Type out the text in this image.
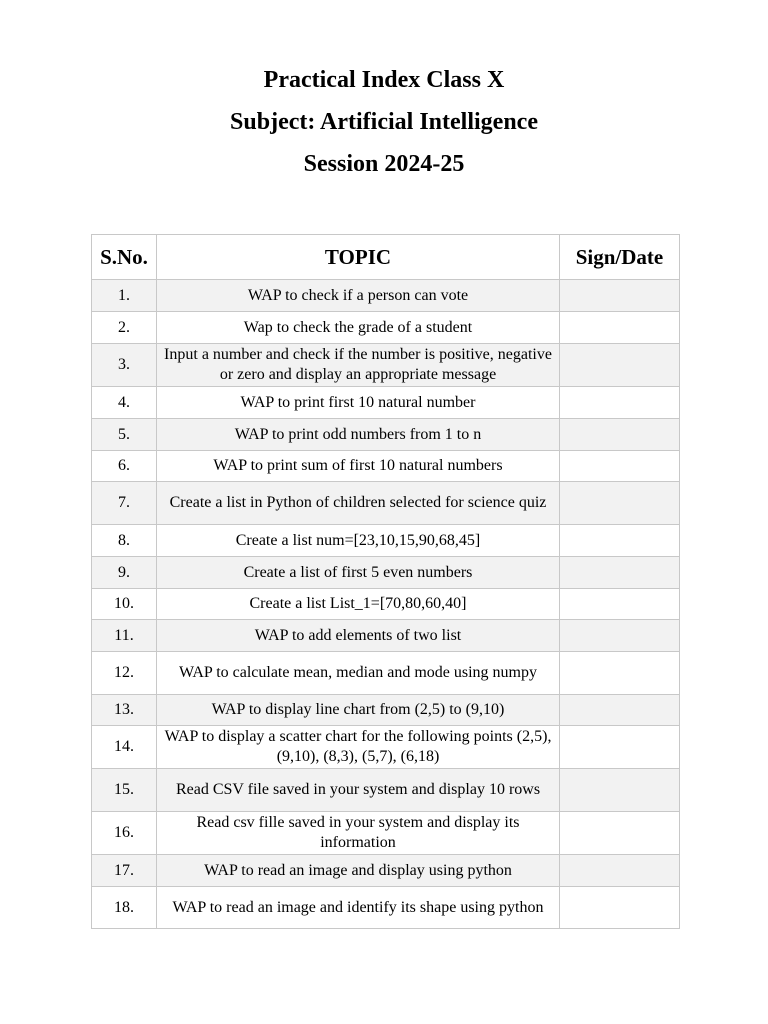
Practical Index Class X
Subject: Artificial Intelligence
Session 2024-25
S.No.	TOPIC	Sign/Date
1.	WAP to check if a person can vote	
2.	Wap to check the grade of a student	
3.	Input a number and check if the number is positive, negative or zero and display an appropriate message	
4.	WAP to print first 10 natural number	
5.	WAP to print odd numbers from 1 to n	
6.	WAP to print sum of first 10 natural numbers	
7.	Create a list in Python of children selected for science quiz	
8.	Create a list num=[23,10,15,90,68,45]	
9.	Create a list of first 5 even numbers	
10.	Create a list List_1=[70,80,60,40]	
11.	WAP to add elements of two list	
12.	WAP to calculate mean, median and mode using numpy	
13.	WAP to display line chart from (2,5) to (9,10)	
14.	WAP to display a scatter chart for the following points (2,5), (9,10), (8,3), (5,7), (6,18)	
15.	Read CSV file saved in your system and display 10 rows	
16.	Read csv fille saved in your system and display its information	
17.	WAP to read an image and display using python	
18.	WAP to read an image and identify its shape using python	
